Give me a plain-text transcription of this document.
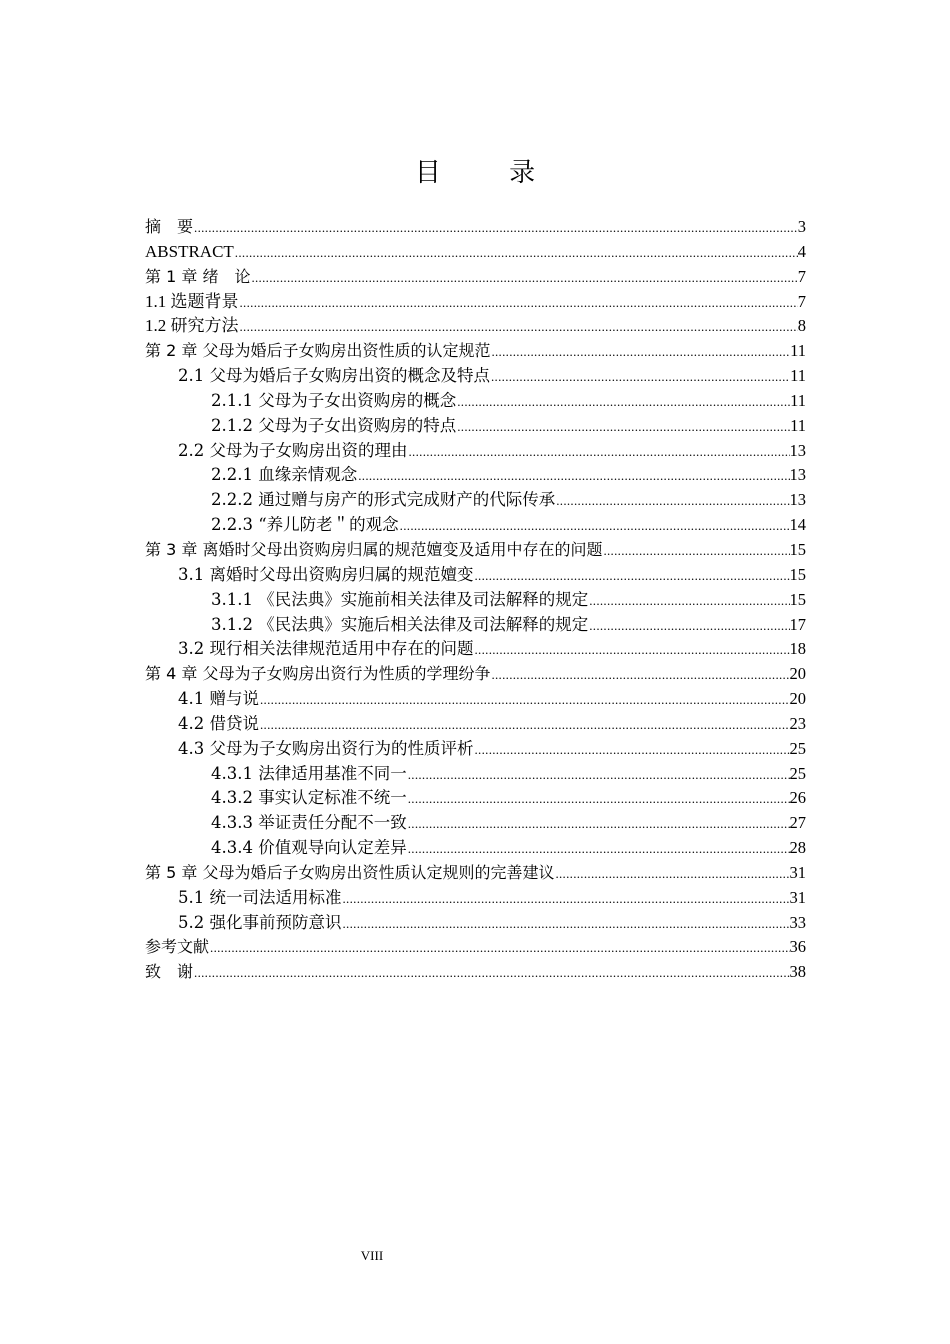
目 录
摘　要 .....	3
ABSTRACT .....	4
第 1 章 绪　论 .....	7
1.1 选题背景 .....	7
1.2 研究方法 .....	8
第 2 章 父母为婚后子女购房出资性质的认定规范 .....	11
2.1 父母为婚后子女购房出资的概念及特点 .....	11
2.1.1 父母为子女出资购房的概念 .....	11
2.1.2 父母为子女出资购房的特点 .....	11
2.2 父母为子女购房出资的理由 .....	13
2.2.1 血缘亲情观念 .....	13
2.2.2 通过赠与房产的形式完成财产的代际传承 .....	13
2.2.3 “养儿防老＂的观念 .....	14
第 3 章 离婚时父母出资购房归属的规范嬗变及适用中存在的问题 .....	15
3.1 离婚时父母出资购房归属的规范嬗变 .....	15
3.1.1 《民法典》实施前相关法律及司法解释的规定 .....	15
3.1.2 《民法典》实施后相关法律及司法解释的规定 .....	17
3.2 现行相关法律规范适用中存在的问题 .....	18
第 4 章 父母为子女购房出资行为性质的学理纷争 .....	20
4.1 赠与说 .....	20
4.2 借贷说 .....	23
4.3 父母为子女购房出资行为的性质评析 .....	25
4.3.1 法律适用基准不同一 .....	25
4.3.2 事实认定标准不统一 .....	26
4.3.3 举证责任分配不一致 .....	27
4.3.4 价值观导向认定差异 .....	28
第 5 章 父母为婚后子女购房出资性质认定规则的完善建议 .....	31
5.1 统一司法适用标准 .....	31
5.2 强化事前预防意识 .....	33
参考文献 .....	36
致　谢 .....	38
VIII
